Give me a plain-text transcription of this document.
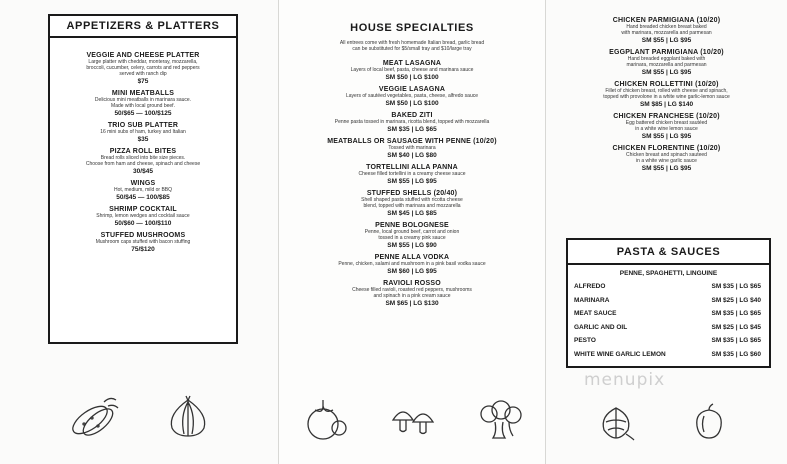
APPETIZERS & PLATTERS
VEGGIE AND CHEESE PLATTER
Large platter with cheddar, monteray, mozzarella,
broccoli, cucumber, celery, carrots and red peppers
served with ranch dip
$75
MINI MEATBALLS
Delicious mini meatballs in marinara sauce.
Made with local ground beef.
50/$65 — 100/$125
TRIO SUB PLATTER
16 mini subs of ham, turkey and Italian
$35
PIZZA ROLL BITES
Bread rolls sliced into bite size pieces.
Choose from ham and cheese, spinach and cheese
30/$45
WINGS
Hot, medium, mild or BBQ
50/$45 — 100/$85
SHRIMP COCKTAIL
Shrimp, lemon wedges and cocktail sauce
50/$60 — 100/$110
STUFFED MUSHROOMS
Mushroom caps stuffed with bacon stuffing
75/$120
HOUSE SPECIALTIES
All entrees come with fresh homemade Italian bread, garlic bread
can be substituted for $5/small tray and $10/large tray
MEAT LASAGNA
Layers of local beef, pasta, cheese and marinara sauce
SM $50 | LG $100
VEGGIE LASAGNA
Layers of sautéed vegetables, pasta, cheese, alfredo sauce
SM $50 | LG $100
BAKED ZITI
Penne pasta tossed in marinara, ricotta blend, topped with mozzarella
SM $35 | LG $65
MEATBALLS OR SAUSAGE WITH PENNE (10/20)
Tossed with marinara
SM $40 | LG $80
TORTELLINI ALLA PANNA
Cheese filled tortellini in a creamy cheese sauce
SM $55 | LG $95
STUFFED SHELLS (20/40)
Shell shaped pasta stuffed with ricotta cheese
blend, topped with marinara and mozzarella
SM $45 | LG $85
PENNE BOLOGNESE
Penne, local ground beef, carrot and onion
tossed in a creamy pink sauce
SM $55 | LG $90
PENNE ALLA VODKA
Penne, chicken, salami and mushroom in a pink basil vodka sauce
SM $60 | LG $95
RAVIOLI ROSSO
Cheese filled ravioli, roasted red peppers, mushrooms
and spinach in a pink cream sauce
SM $65 | LG $130
CHICKEN PARMIGIANA (10/20)
Hand breaded chicken breast baked
with marinara, mozzarella and parmesan
SM $55 | LG $95
EGGPLANT PARMIGIANA (10/20)
Hand breaded eggplant baked with
marinara, mozzarella and parmesan
SM $55 | LG $95
CHICKEN ROLLETTINI (10/20)
Fillet of chicken breast, rolled with cheese and spinach,
topped with provolone in a white wine garlic-lemon sauce
SM $85 | LG $140
CHICKEN FRANCHESE (10/20)
Egg battered chicken breast sautéed
in a white wine lemon sauce
SM $55 | LG $95
CHICKEN FLORENTINE (10/20)
Chicken breast and spinach sauteed
in a white wine garlic sauce
SM $55 | LG $95
PASTA & SAUCES
PENNE, SPAGHETTI, LINGUINE
ALFREDO	SM $35 | LG $65
MARINARA	SM $25 | LG $40
MEAT SAUCE	SM $35 | LG $65
GARLIC AND OIL	SM $25 | LG $45
PESTO	SM $35 | LG $65
WHITE WINE GARLIC LEMON	SM $35 | LG $60
menupix
